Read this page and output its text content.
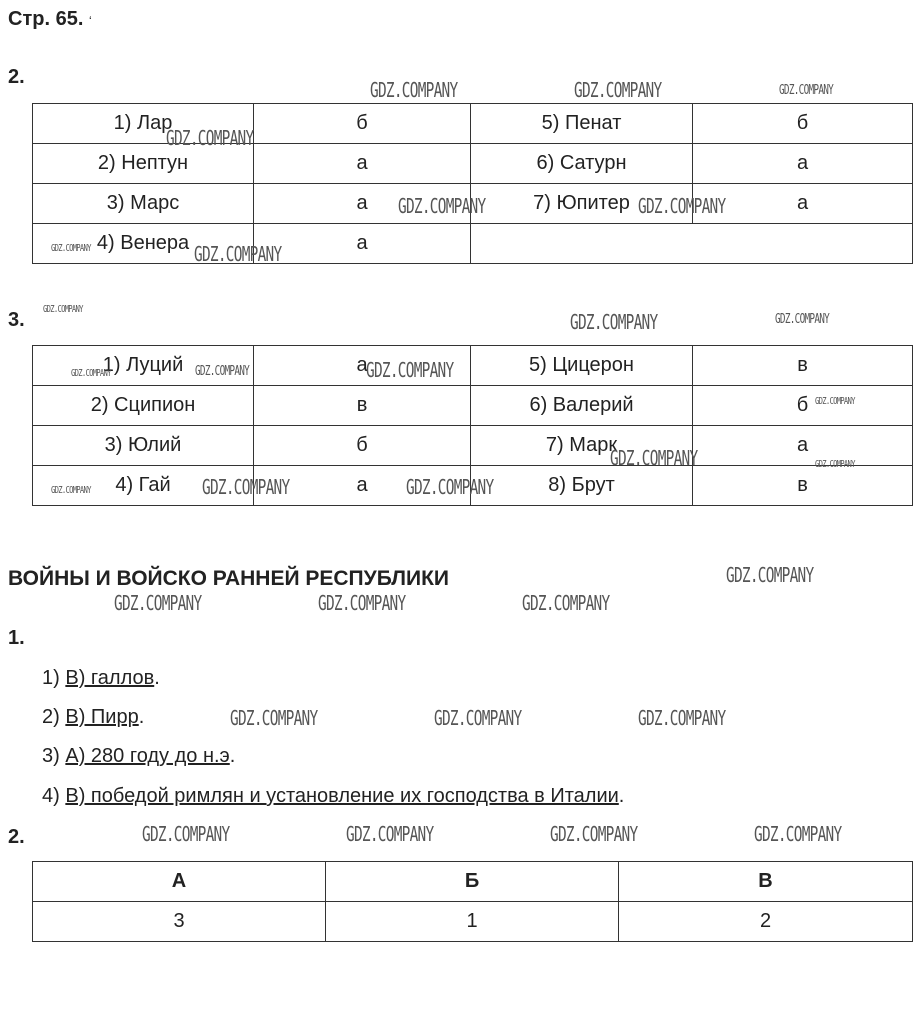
Стр. 65. ʻ
2.
1) Лар	б	5) Пенат	б
2) Нептун	а	6) Сатурн	а
3) Марс	а	7) Юпитер	а
4) Венера	а		
3.
1) Луций	а	5) Цицерон	в
2) Сципион	в	6) Валерий	б
3) Юлий	б	7) Марк	а
4) Гай	а	8) Брут	в
ВОЙНЫ И ВОЙСКО РАННЕЙ РЕСПУБЛИКИ
1.
1) В) галлов.
2) В) Пирр.
3) А) 280 году до н.э.
4) В) победой римлян и установление их господства в Италии.
2.
А	Б	В
3	1	2
GDZ.COMPANY	GDZ.COMPANY	GDZ.COMPANY
GDZ.COMPANY
GDZ.COMPANY	GDZ.COMPANY
GDZ.COMPANY	GDZ.COMPANY
GDZ.COMPANY
GDZ.COMPANY	GDZ.COMPANY
GDZ.COMPANY	GDZ.COMPANY	GDZ.COMPANY
GDZ.COMPANY
GDZ.COMPANY	GDZ.COMPANY
GDZ.COMPANY	GDZ.COMPANY	GDZ.COMPANY
GDZ.COMPANY
GDZ.COMPANY	GDZ.COMPANY	GDZ.COMPANY
GDZ.COMPANY	GDZ.COMPANY	GDZ.COMPANY
GDZ.COMPANY	GDZ.COMPANY	GDZ.COMPANY	GDZ.COMPANY
